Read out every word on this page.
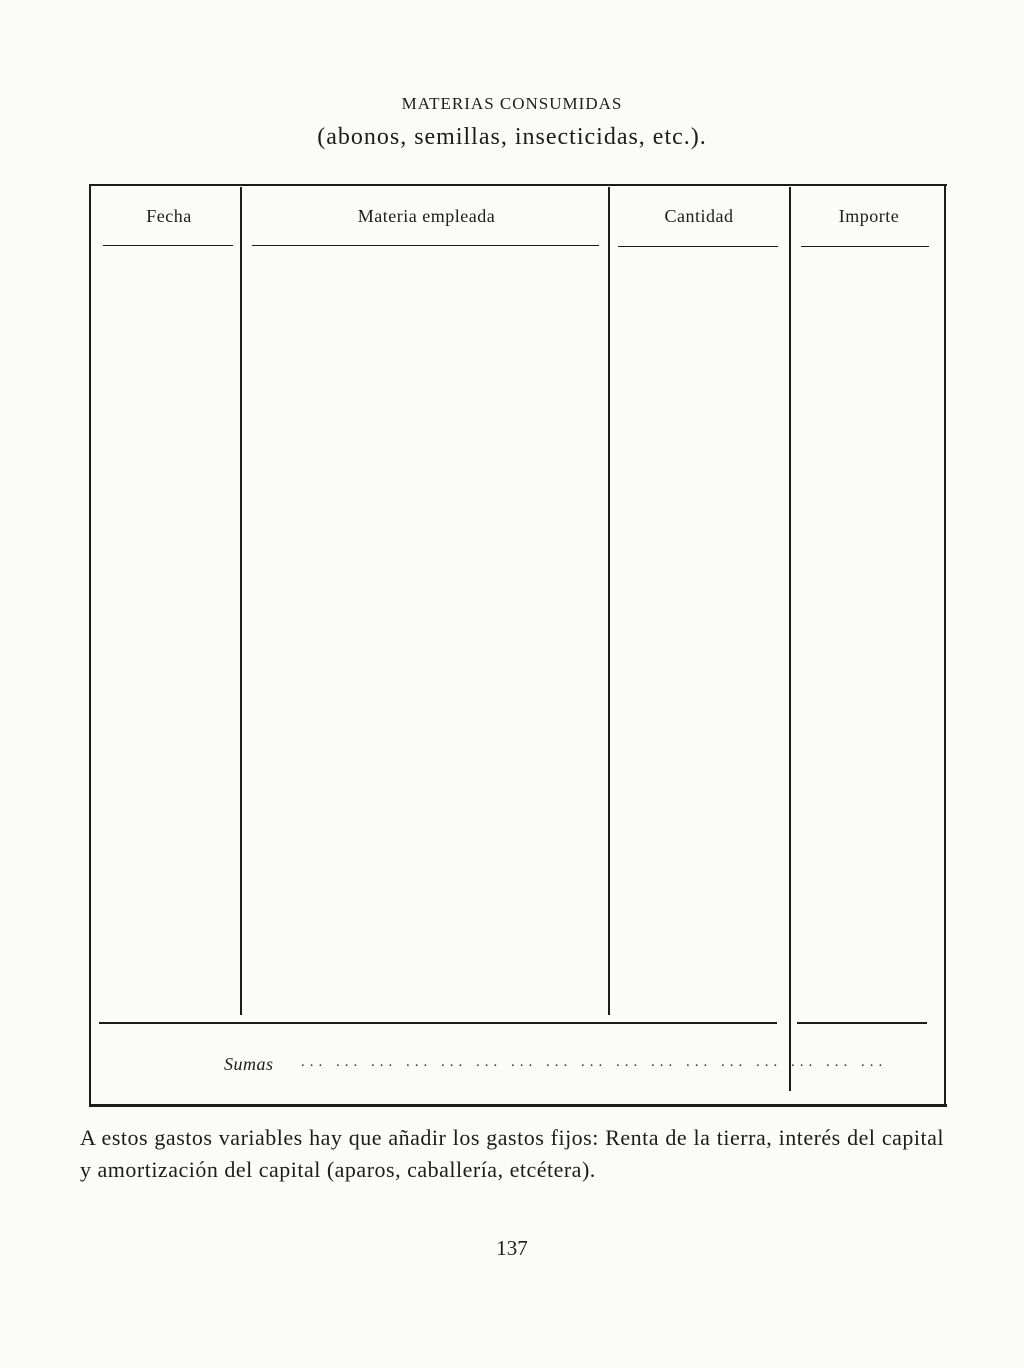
MATERIAS CONSUMIDAS
(abonos, semillas, insecticidas, etc.).
Fecha	Materia empleada	Cantidad	Importe
Sumas ... ... ... ... ... ... ... ... ... ... ... ... ... ... ... ... ...
A estos gastos variables hay que añadir los gastos fijos: Renta de la tierra, interés del capital y amortización del capital (aparos, caballería, etcétera).
137
